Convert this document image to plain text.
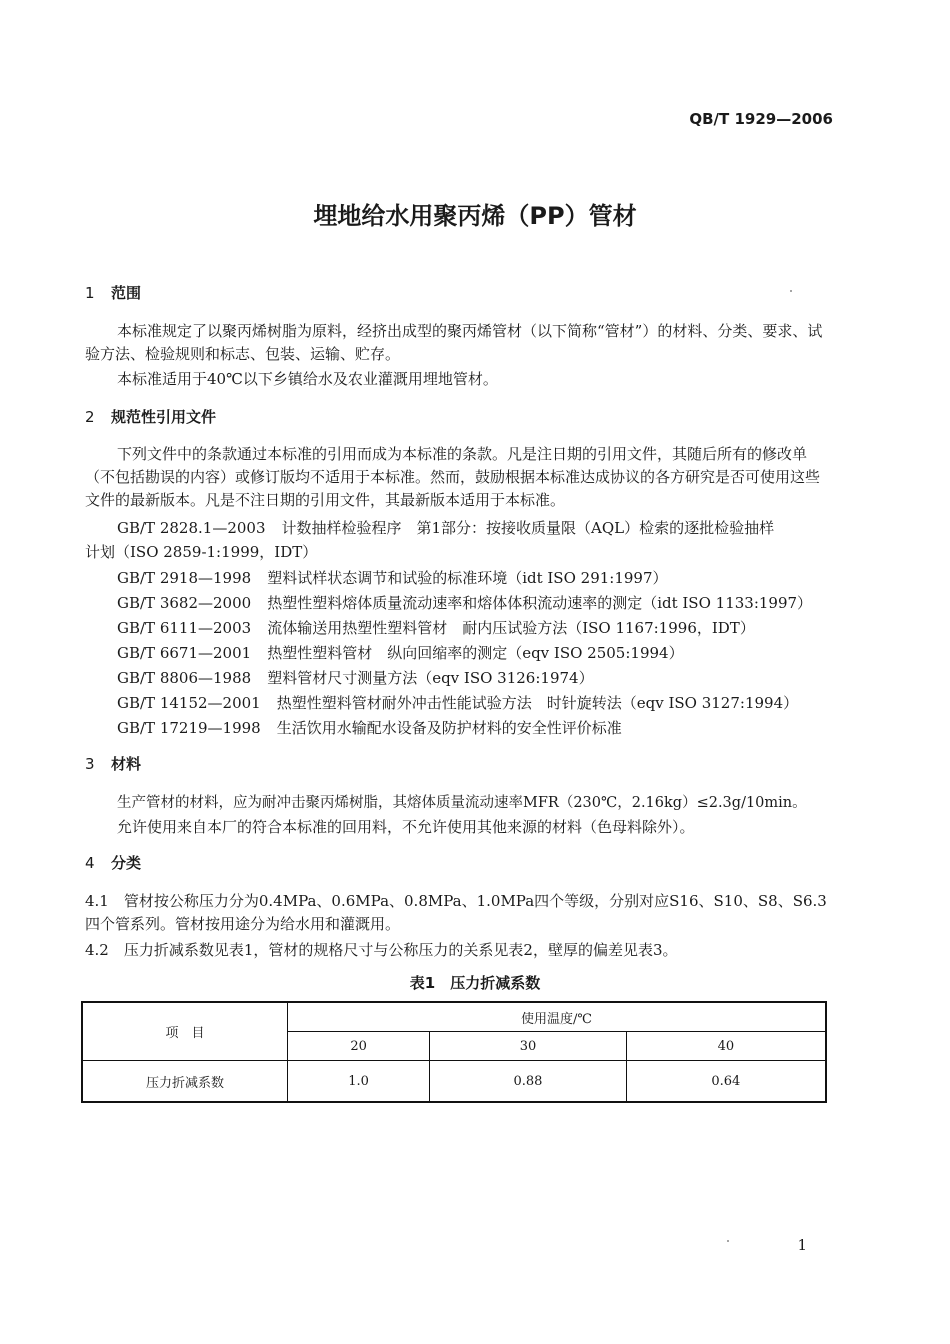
QB/T 1929—2006
埋地给水用聚丙烯（PP）管材
1 范围
本标准规定了以聚丙烯树脂为原料，经挤出成型的聚丙烯管材（以下简称“管材”）的材料、分类、要求、试验方法、检验规则和标志、包装、运输、贮存。
本标准适用于40℃以下乡镇给水及农业灌溉用埋地管材。
2 规范性引用文件
下列文件中的条款通过本标准的引用而成为本标准的条款。凡是注日期的引用文件，其随后所有的修改单（不包括勘误的内容）或修订版均不适用于本标准。然而，鼓励根据本标准达成协议的各方研究是否可使用这些文件的最新版本。凡是不注日期的引用文件，其最新版本适用于本标准。
GB/T 2828.1—2003 计数抽样检验程序　第1部分：按接收质量限（AQL）检索的逐批检验抽样
计划（ISO 2859-1:1999，IDT）
GB/T 2918—1998 塑料试样状态调节和试验的标准环境（idt ISO 291:1997）
GB/T 3682—2000 热塑性塑料熔体质量流动速率和熔体体积流动速率的测定（idt ISO 1133:1997）
GB/T 6111—2003 流体输送用热塑性塑料管材　耐内压试验方法（ISO 1167:1996，IDT）
GB/T 6671—2001 热塑性塑料管材　纵向回缩率的测定（eqv ISO 2505:1994）
GB/T 8806—1988 塑料管材尺寸测量方法（eqv ISO 3126:1974）
GB/T 14152—2001 热塑性塑料管材耐外冲击性能试验方法　时针旋转法（eqv ISO 3127:1994）
GB/T 17219—1998 生活饮用水输配水设备及防护材料的安全性评价标准
3 材料
生产管材的材料，应为耐冲击聚丙烯树脂，其熔体质量流动速率MFR（230℃，2.16kg）≤2.3g/10min。
允许使用来自本厂的符合本标准的回用料，不允许使用其他来源的材料（色母料除外）。
4 分类
4.1　管材按公称压力分为0.4MPa、0.6MPa、0.8MPa、1.0MPa四个等级，分别对应S16、S10、S8、S6.3四个管系列。管材按用途分为给水用和灌溉用。
4.2　压力折减系数见表1，管材的规格尺寸与公称压力的关系见表2，壁厚的偏差见表3。
表1　压力折减系数
项　目	使用温度/℃		
	20	30	40
压力折减系数	1.0	0.88	0.64
1
